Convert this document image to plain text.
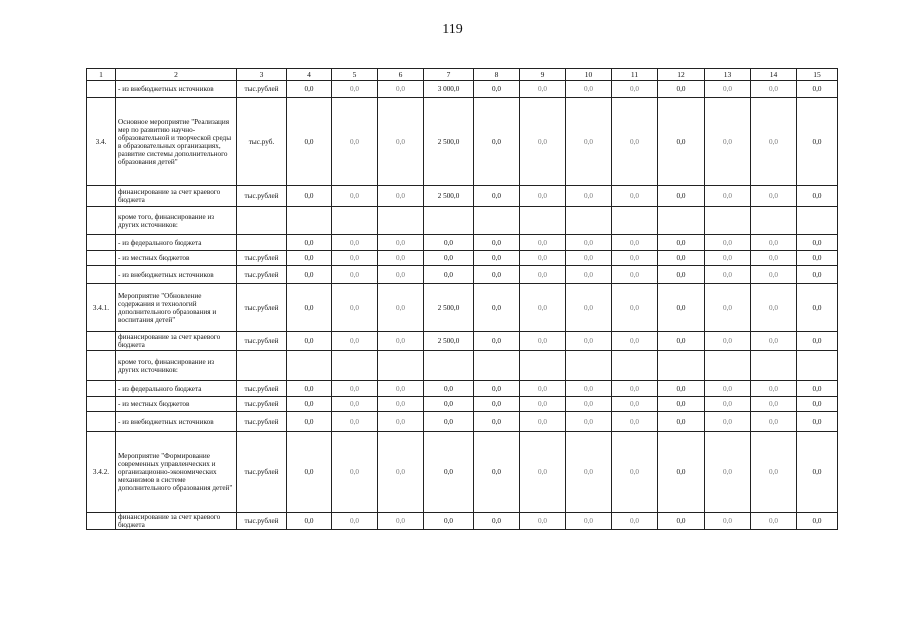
119
1	2	3	4	5	6	7	8	9	10	11	12	13	14	15
	- из внебюджетных источников	тыс.рублей	0,0	0,0	0,0	3 000,0	0,0	0,0	0,0	0,0	0,0	0,0	0,0	0,0
3.4.	Основное мероприятие "Реализация мер по развитию научно-образовательной и творческой среды в образовательных организациях, развитие системы дополнительного образования детей"	тыс.руб.	0,0	0,0	0,0	2 500,0	0,0	0,0	0,0	0,0	0,0	0,0	0,0	0,0
	финансирование за счет краевого бюджета	тыс.рублей	0,0	0,0	0,0	2 500,0	0,0	0,0	0,0	0,0	0,0	0,0	0,0	0,0
	кроме того, финансирование из других источников:													
	- из федерального бюджета		0,0	0,0	0,0	0,0	0,0	0,0	0,0	0,0	0,0	0,0	0,0	0,0
	- из местных бюджетов	тыс.рублей	0,0	0,0	0,0	0,0	0,0	0,0	0,0	0,0	0,0	0,0	0,0	0,0
	- из внебюджетных источников	тыс.рублей	0,0	0,0	0,0	0,0	0,0	0,0	0,0	0,0	0,0	0,0	0,0	0,0
3.4.1.	Мероприятие "Обновление содержания и технологий дополнительного образования и воспитания детей"	тыс.рублей	0,0	0,0	0,0	2 500,0	0,0	0,0	0,0	0,0	0,0	0,0	0,0	0,0
	финансирование за счет краевого бюджета	тыс.рублей	0,0	0,0	0,0	2 500,0	0,0	0,0	0,0	0,0	0,0	0,0	0,0	0,0
	кроме того, финансирование из других источников:													
	- из федерального бюджета	тыс.рублей	0,0	0,0	0,0	0,0	0,0	0,0	0,0	0,0	0,0	0,0	0,0	0,0
	- из местных бюджетов	тыс.рублей	0,0	0,0	0,0	0,0	0,0	0,0	0,0	0,0	0,0	0,0	0,0	0,0
	- из внебюджетных источников	тыс.рублей	0,0	0,0	0,0	0,0	0,0	0,0	0,0	0,0	0,0	0,0	0,0	0,0
3.4.2.	Мероприятие "Формирование современных управленческих и организационно-экономических механизмов в системе дополнительного образования детей"	тыс.рублей	0,0	0,0	0,0	0,0	0,0	0,0	0,0	0,0	0,0	0,0	0,0	0,0
	финансирование за счет краевого бюджета	тыс.рублей	0,0	0,0	0,0	0,0	0,0	0,0	0,0	0,0	0,0	0,0	0,0	0,0
